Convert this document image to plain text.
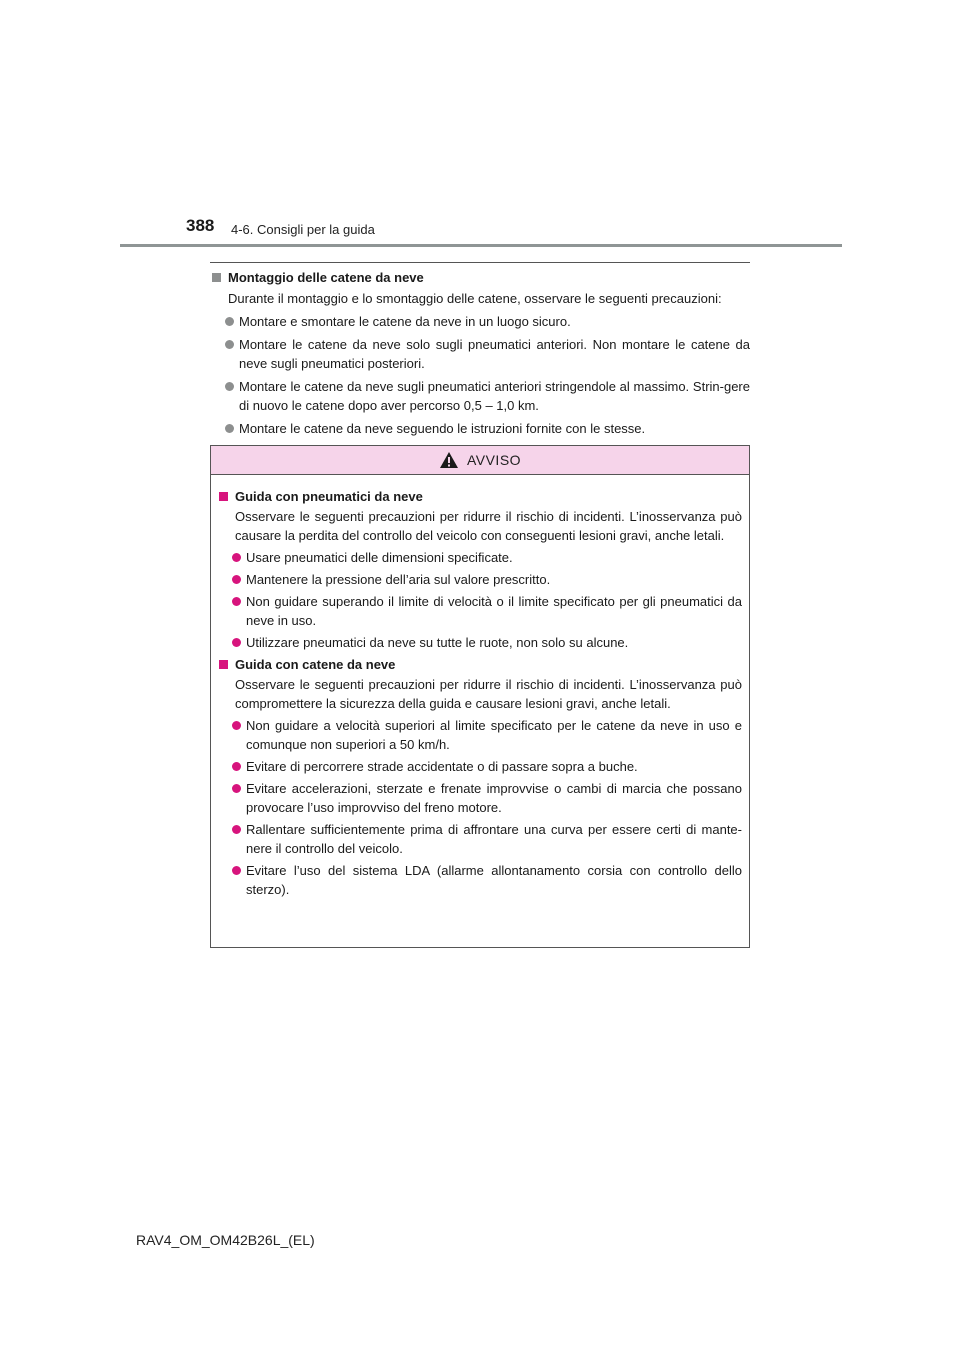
388 4-6. Consigli per la guida
Montaggio delle catene da neve
Durante il montaggio e lo smontaggio delle catene, osservare le seguenti precauzioni:
Montare e smontare le catene da neve in un luogo sicuro.
Montare le catene da neve solo sugli pneumatici anteriori. Non montare le catene da neve sugli pneumatici posteriori.
Montare le catene da neve sugli pneumatici anteriori stringendole al massimo. Strin-gere di nuovo le catene dopo aver percorso 0,5 – 1,0 km.
Montare le catene da neve seguendo le istruzioni fornite con le stesse.
AVVISO
Guida con pneumatici da neve
Osservare le seguenti precauzioni per ridurre il rischio di incidenti. L’inosservanza può causare la perdita del controllo del veicolo con conseguenti lesioni gravi, anche letali.
Usare pneumatici delle dimensioni specificate.
Mantenere la pressione dell’aria sul valore prescritto.
Non guidare superando il limite di velocità o il limite specificato per gli pneumatici da neve in uso.
Utilizzare pneumatici da neve su tutte le ruote, non solo su alcune.
Guida con catene da neve
Osservare le seguenti precauzioni per ridurre il rischio di incidenti. L’inosservanza può compromettere la sicurezza della guida e causare lesioni gravi, anche letali.
Non guidare a velocità superiori al limite specificato per le catene da neve in uso e comunque non superiori a 50 km/h.
Evitare di percorrere strade accidentate o di passare sopra a buche.
Evitare accelerazioni, sterzate e frenate improvvise o cambi di marcia che possano provocare l’uso improvviso del freno motore.
Rallentare sufficientemente prima di affrontare una curva per essere certi di mante-nere il controllo del veicolo.
Evitare l’uso del sistema LDA (allarme allontanamento corsia con controllo dello sterzo).
RAV4_OM_OM42B26L_(EL)
